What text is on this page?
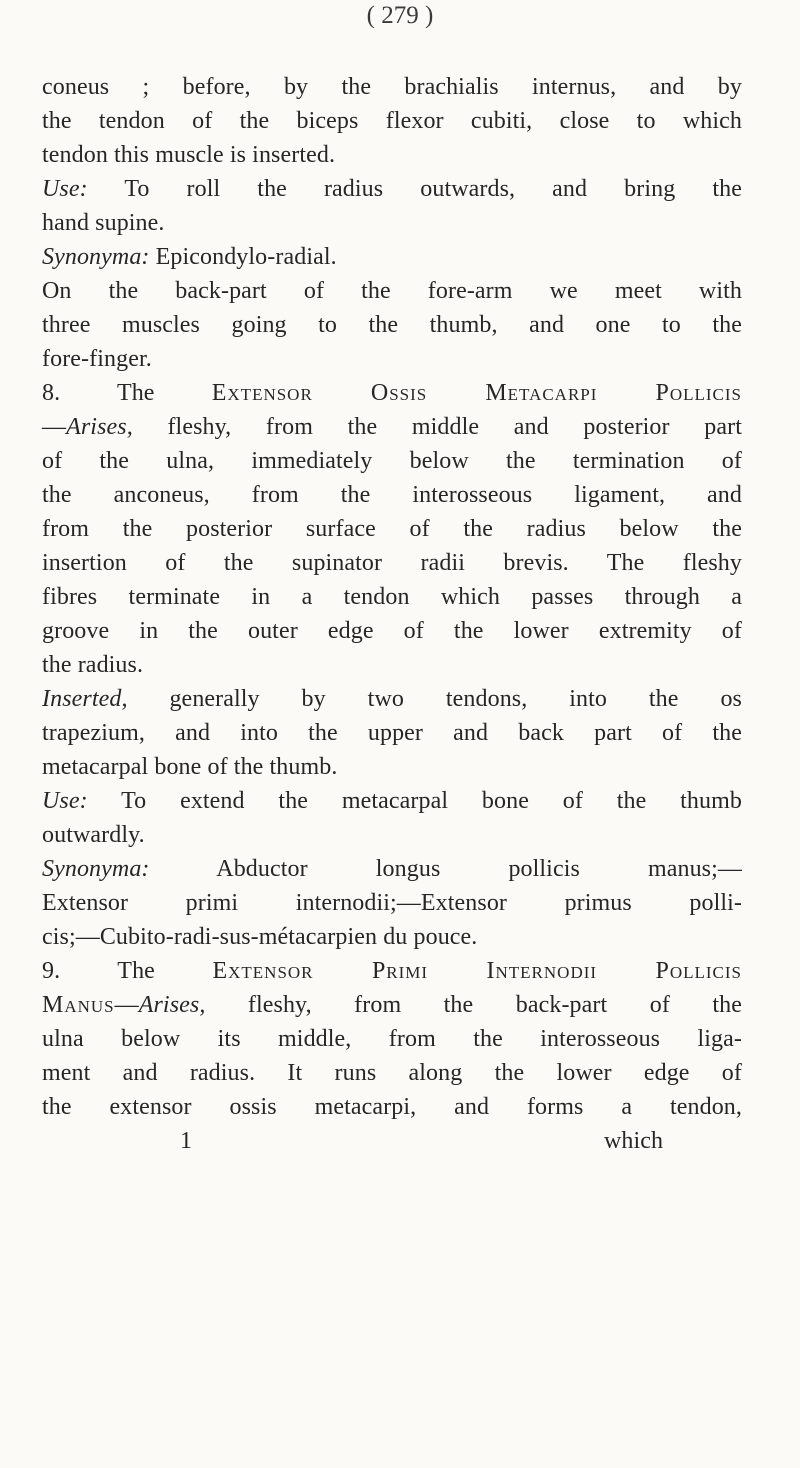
( 279 )
coneus ; before, by the brachialis internus, and by
the tendon of the biceps flexor cubiti, close to which
tendon this muscle is inserted.
Use: To roll the radius outwards, and bring the
hand supine.
Synonyma: Epicondylo-radial.
On the back-part of the fore-arm we meet with
three muscles going to the thumb, and one to the
fore-finger.
8. The Extensor Ossis Metacarpi Pollicis
—Arises, fleshy, from the middle and posterior part
of the ulna, immediately below the termination of
the anconeus, from the interosseous ligament, and
from the posterior surface of the radius below the
insertion of the supinator radii brevis. The fleshy
fibres terminate in a tendon which passes through a
groove in the outer edge of the lower extremity of
the radius.
Inserted, generally by two tendons, into the os
trapezium, and into the upper and back part of the
metacarpal bone of the thumb.
Use: To extend the metacarpal bone of the thumb
outwardly.
Synonyma: Abductor longus pollicis manus;—
Extensor primi internodii;—Extensor primus polli-
cis;—Cubito-radi-sus-métacarpien du pouce.
9. The Extensor Primi Internodii Pollicis
Manus—Arises, fleshy, from the back-part of the
ulna below its middle, from the interosseous liga-
ment and radius. It runs along the lower edge of
the extensor ossis metacarpi, and forms a tendon,
1	which
